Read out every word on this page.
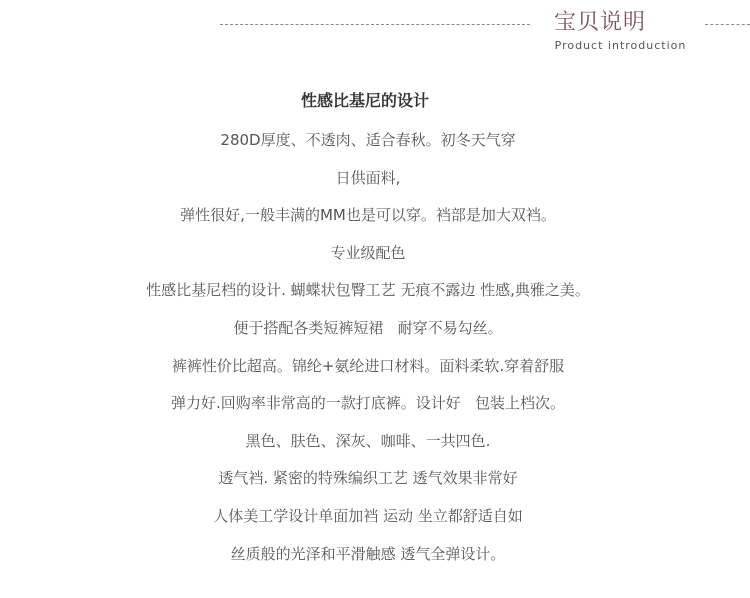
宝贝说明
Product introduction
性感比基尼的设计
280D厚度、不透肉、适合春秋。初冬天气穿
日供面料,
弹性很好,一般丰满的MM也是可以穿。裆部是加大双裆。
专业级配色
性感比基尼档的设计. 蝴蝶状包臀工艺 无痕不露边 性感,典雅之美。
便于搭配各类短裤短裙   耐穿不易勾丝。
裤裤性价比超高。锦纶+氨纶进口材料。面料柔软.穿着舒服
弹力好.回购率非常高的一款打底裤。设计好   包装上档次。
黑色、肤色、深灰、咖啡、一共四色.
透气裆. 紧密的特殊编织工艺 透气效果非常好
人体美工学设计单面加裆 运动 坐立都舒适自如
丝质般的光泽和平滑触感 透气全弹设计。
